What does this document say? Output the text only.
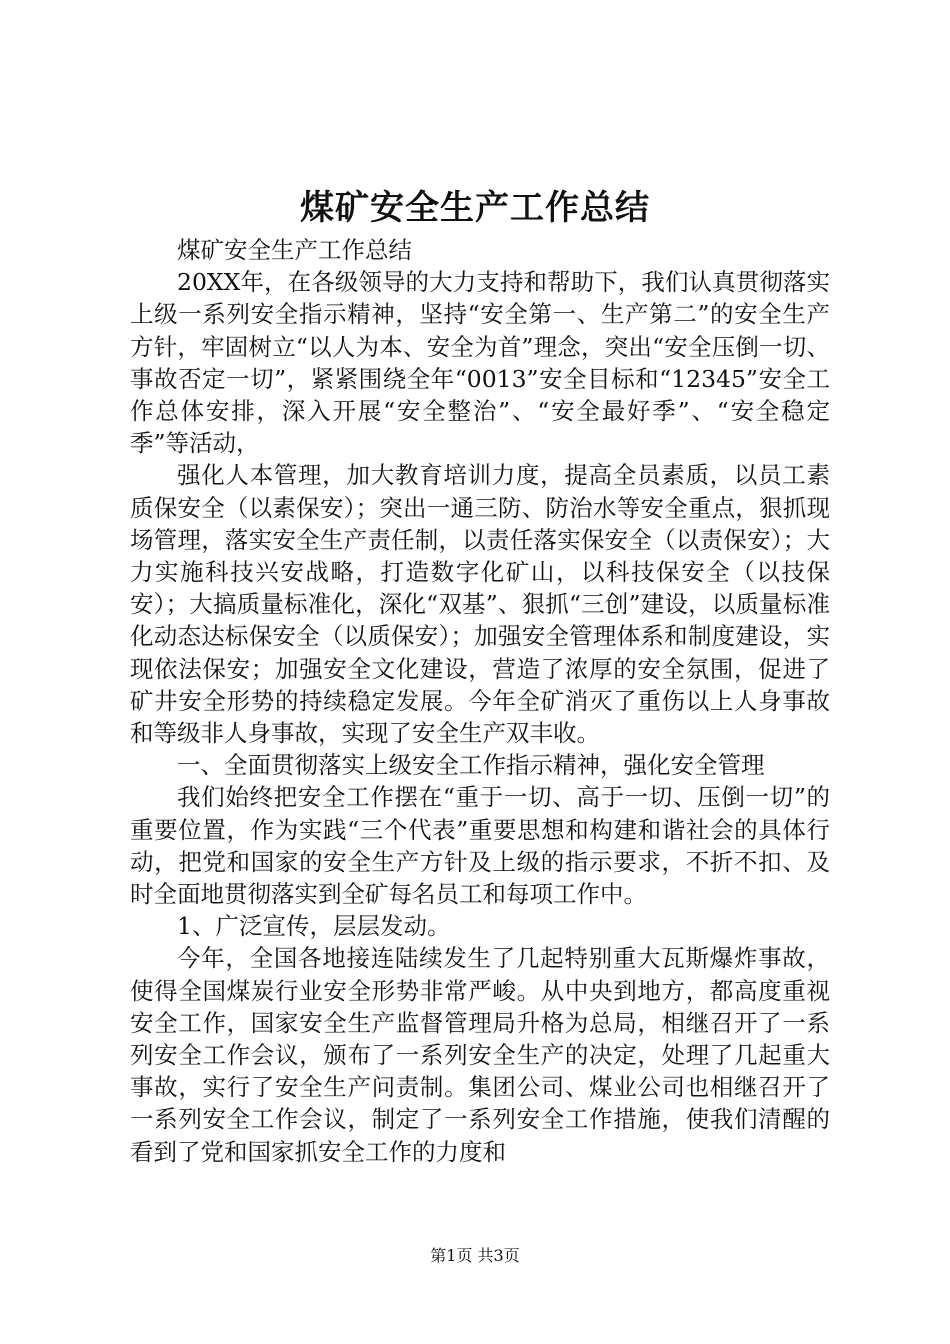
煤矿安全生产工作总结

煤矿安全生产工作总结

20XX年，在各级领导的大力支持和帮助下，我们认真贯彻落实上级一系列安全指示精神，坚持“安全第一、生产第二”的安全生产方针，牢固树立“以人为本、安全为首”理念，突出“安全压倒一切、事故否定一切”，紧紧围绕全年“0013”安全目标和“12345”安全工作总体安排，深入开展“安全整治”、“安全最好季”、“安全稳定季”等活动，

强化人本管理，加大教育培训力度，提高全员素质，以员工素质保安全（以素保安）；突出一通三防、防治水等安全重点，狠抓现场管理，落实安全生产责任制，以责任落实保安全（以责保安）；大力实施科技兴安战略，打造数字化矿山，以科技保安全（以技保安）；大搞质量标准化，深化“双基”、狠抓“三创”建设，以质量标准化动态达标保安全（以质保安）；加强安全管理体系和制度建设，实现依法保安；加强安全文化建设，营造了浓厚的安全氛围，促进了矿井安全形势的持续稳定发展。今年全矿消灭了重伤以上人身事故和等级非人身事故，实现了安全生产双丰收。

一、全面贯彻落实上级安全工作指示精神，强化安全管理

我们始终把安全工作摆在“重于一切、高于一切、压倒一切”的重要位置，作为实践“三个代表”重要思想和构建和谐社会的具体行动，把党和国家的安全生产方针及上级的指示要求，不折不扣、及时全面地贯彻落实到全矿每名员工和每项工作中。

1、广泛宣传，层层发动。

今年，全国各地接连陆续发生了几起特别重大瓦斯爆炸事故，使得全国煤炭行业安全形势非常严峻。从中央到地方，都高度重视安全工作，国家安全生产监督管理局升格为总局，相继召开了一系列安全工作会议，颁布了一系列安全生产的决定，处理了几起重大事故，实行了安全生产问责制。集团公司、煤业公司也相继召开了一系列安全工作会议，制定了一系列安全工作措施，使我们清醒的看到了党和国家抓安全工作的力度和

第1页 共3页
